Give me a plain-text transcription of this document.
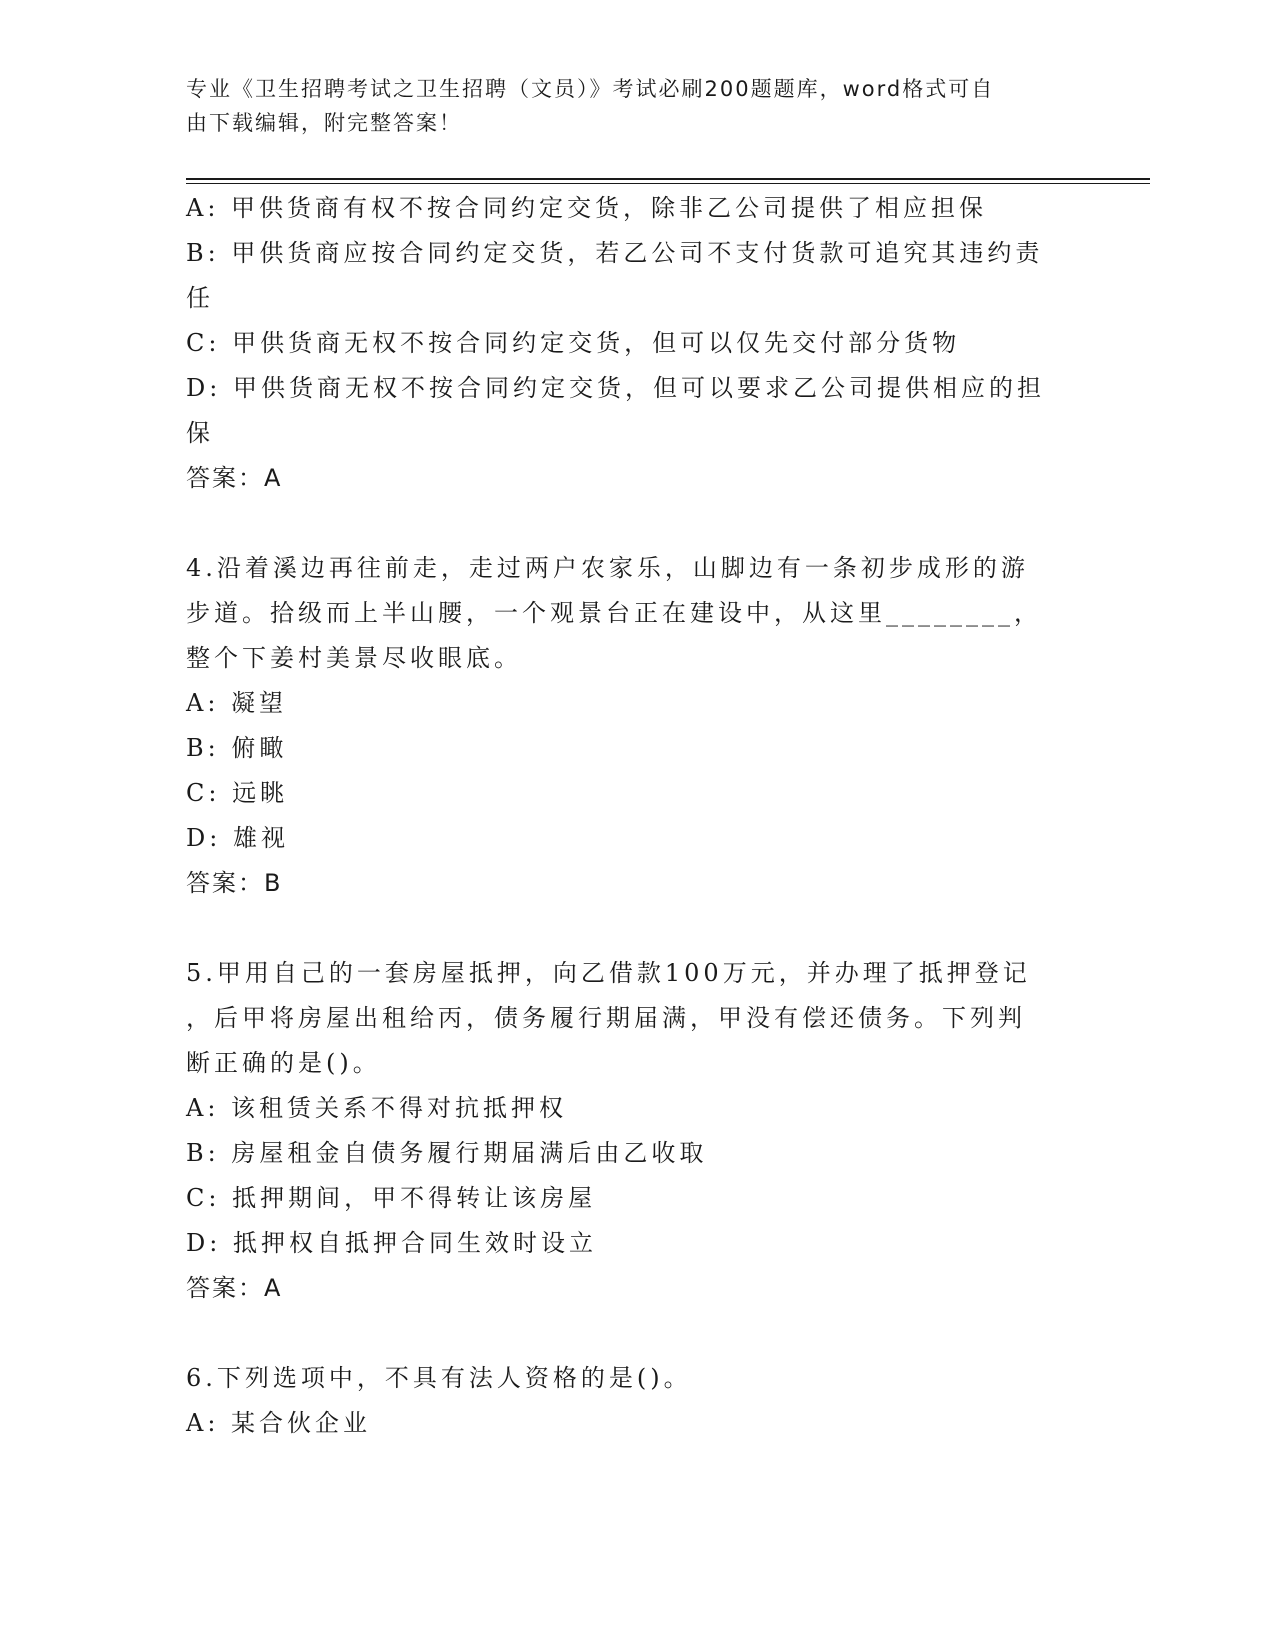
专业《卫生招聘考试之卫生招聘（文员）》考试必刷200题题库，word格式可自
由下载编辑，附完整答案！
A: 甲供货商有权不按合同约定交货，除非乙公司提供了相应担保
B: 甲供货商应按合同约定交货，若乙公司不支付货款可追究其违约责
任
C: 甲供货商无权不按合同约定交货，但可以仅先交付部分货物
D: 甲供货商无权不按合同约定交货，但可以要求乙公司提供相应的担
保
答案：A
4.沿着溪边再往前走，走过两户农家乐，山脚边有一条初步成形的游
步道。拾级而上半山腰，一个观景台正在建设中，从这里________，
整个下姜村美景尽收眼底。
A: 凝望
B: 俯瞰
C: 远眺
D: 雄视
答案：B
5.甲用自己的一套房屋抵押，向乙借款100万元，并办理了抵押登记
，后甲将房屋出租给丙，债务履行期届满，甲没有偿还债务。下列判
断正确的是()。
A: 该租赁关系不得对抗抵押权
B: 房屋租金自债务履行期届满后由乙收取
C: 抵押期间，甲不得转让该房屋
D: 抵押权自抵押合同生效时设立
答案：A
6.下列选项中，不具有法人资格的是()。
A: 某合伙企业
